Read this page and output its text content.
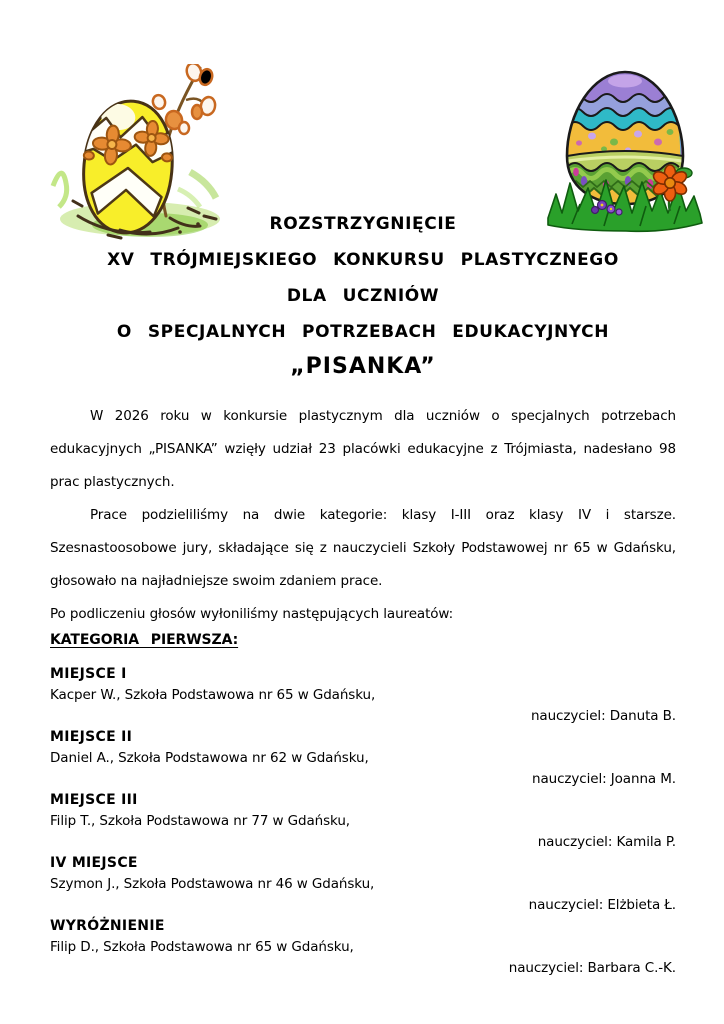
ROZSTRZYGNIĘCIE
XV TRÓJMIEJSKIEGO KONKURSU PLASTYCZNEGO
DLA UCZNIÓW
O SPECJALNYCH POTRZEBACH EDUKACYJNYCH
„PISANKA”

W 2026 roku w konkursie plastycznym dla uczniów o specjalnych potrzebach edukacyjnych „PISANKA” wzięły udział 23 placówki edukacyjne z Trójmiasta, nadesłano 98 prac plastycznych.

Prace podzieliliśmy na dwie kategorie: klasy I-III oraz klasy IV i starsze. Szesnastoosobowe jury, składające się z nauczycieli Szkoły Podstawowej nr 65 w Gdańsku, głosowało na najładniejsze swoim zdaniem prace.

Po podliczeniu głosów wyłoniliśmy następujących laureatów:

KATEGORIA PIERWSZA:
MIEJSCE I
Kacper W., Szkoła Podstawowa nr 65 w Gdańsku,
nauczyciel: Danuta B.
MIEJSCE II
Daniel A., Szkoła Podstawowa nr 62 w Gdańsku,
nauczyciel: Joanna M.
MIEJSCE III
Filip T., Szkoła Podstawowa nr 77 w Gdańsku,
nauczyciel: Kamila P.
IV MIEJSCE
Szymon J., Szkoła Podstawowa nr 46 w Gdańsku,
nauczyciel: Elżbieta Ł.
WYRÓŻNIENIE
Filip D., Szkoła Podstawowa nr 65 w Gdańsku,
nauczyciel: Barbara C.-K.
